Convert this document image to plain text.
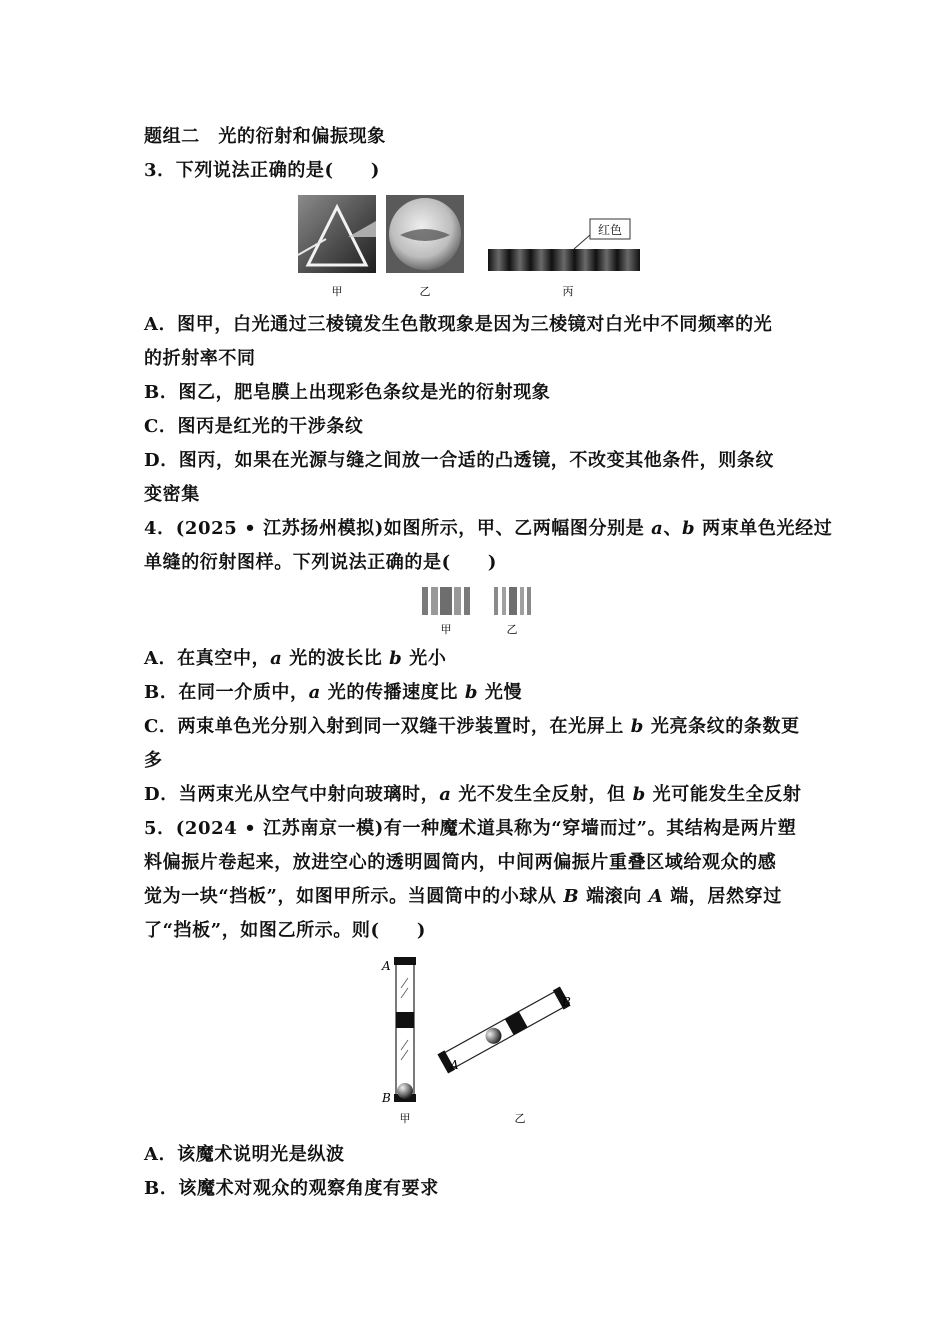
题组二　光的衍射和偏振现象
3．下列说法正确的是(　　)
红色
甲	乙	丙
A．图甲，白光通过三棱镜发生色散现象是因为三棱镜对白光中不同频率的光
的折射率不同
B．图乙，肥皂膜上出现彩色条纹是光的衍射现象
C．图丙是红光的干涉条纹
D．图丙，如果在光源与缝之间放一合适的凸透镜，不改变其他条件，则条纹
变密集
4．(2025 • 江苏扬州模拟)如图所示，甲、乙两幅图分别是 a、b 两束单色光经过
单缝的衍射图样。下列说法正确的是(　　)
甲	乙
A．在真空中，a 光的波长比 b 光小
B．在同一介质中，a 光的传播速度比 b 光慢
C．两束单色光分别入射到同一双缝干涉装置时，在光屏上 b 光亮条纹的条数更
多
D．当两束光从空气中射向玻璃时，a 光不发生全反射，但 b 光可能发生全反射
5．(2024 • 江苏南京一模)有一种魔术道具称为“穿墙而过”。其结构是两片塑
料偏振片卷起来，放进空心的透明圆筒内，中间两偏振片重叠区域给观众的感
觉为一块“挡板”，如图甲所示。当圆筒中的小球从 B 端滚向 A 端，居然穿过
了“挡板”，如图乙所示。则(　　)
A
B
甲
A
B
乙
A．该魔术说明光是纵波
B．该魔术对观众的观察角度有要求
